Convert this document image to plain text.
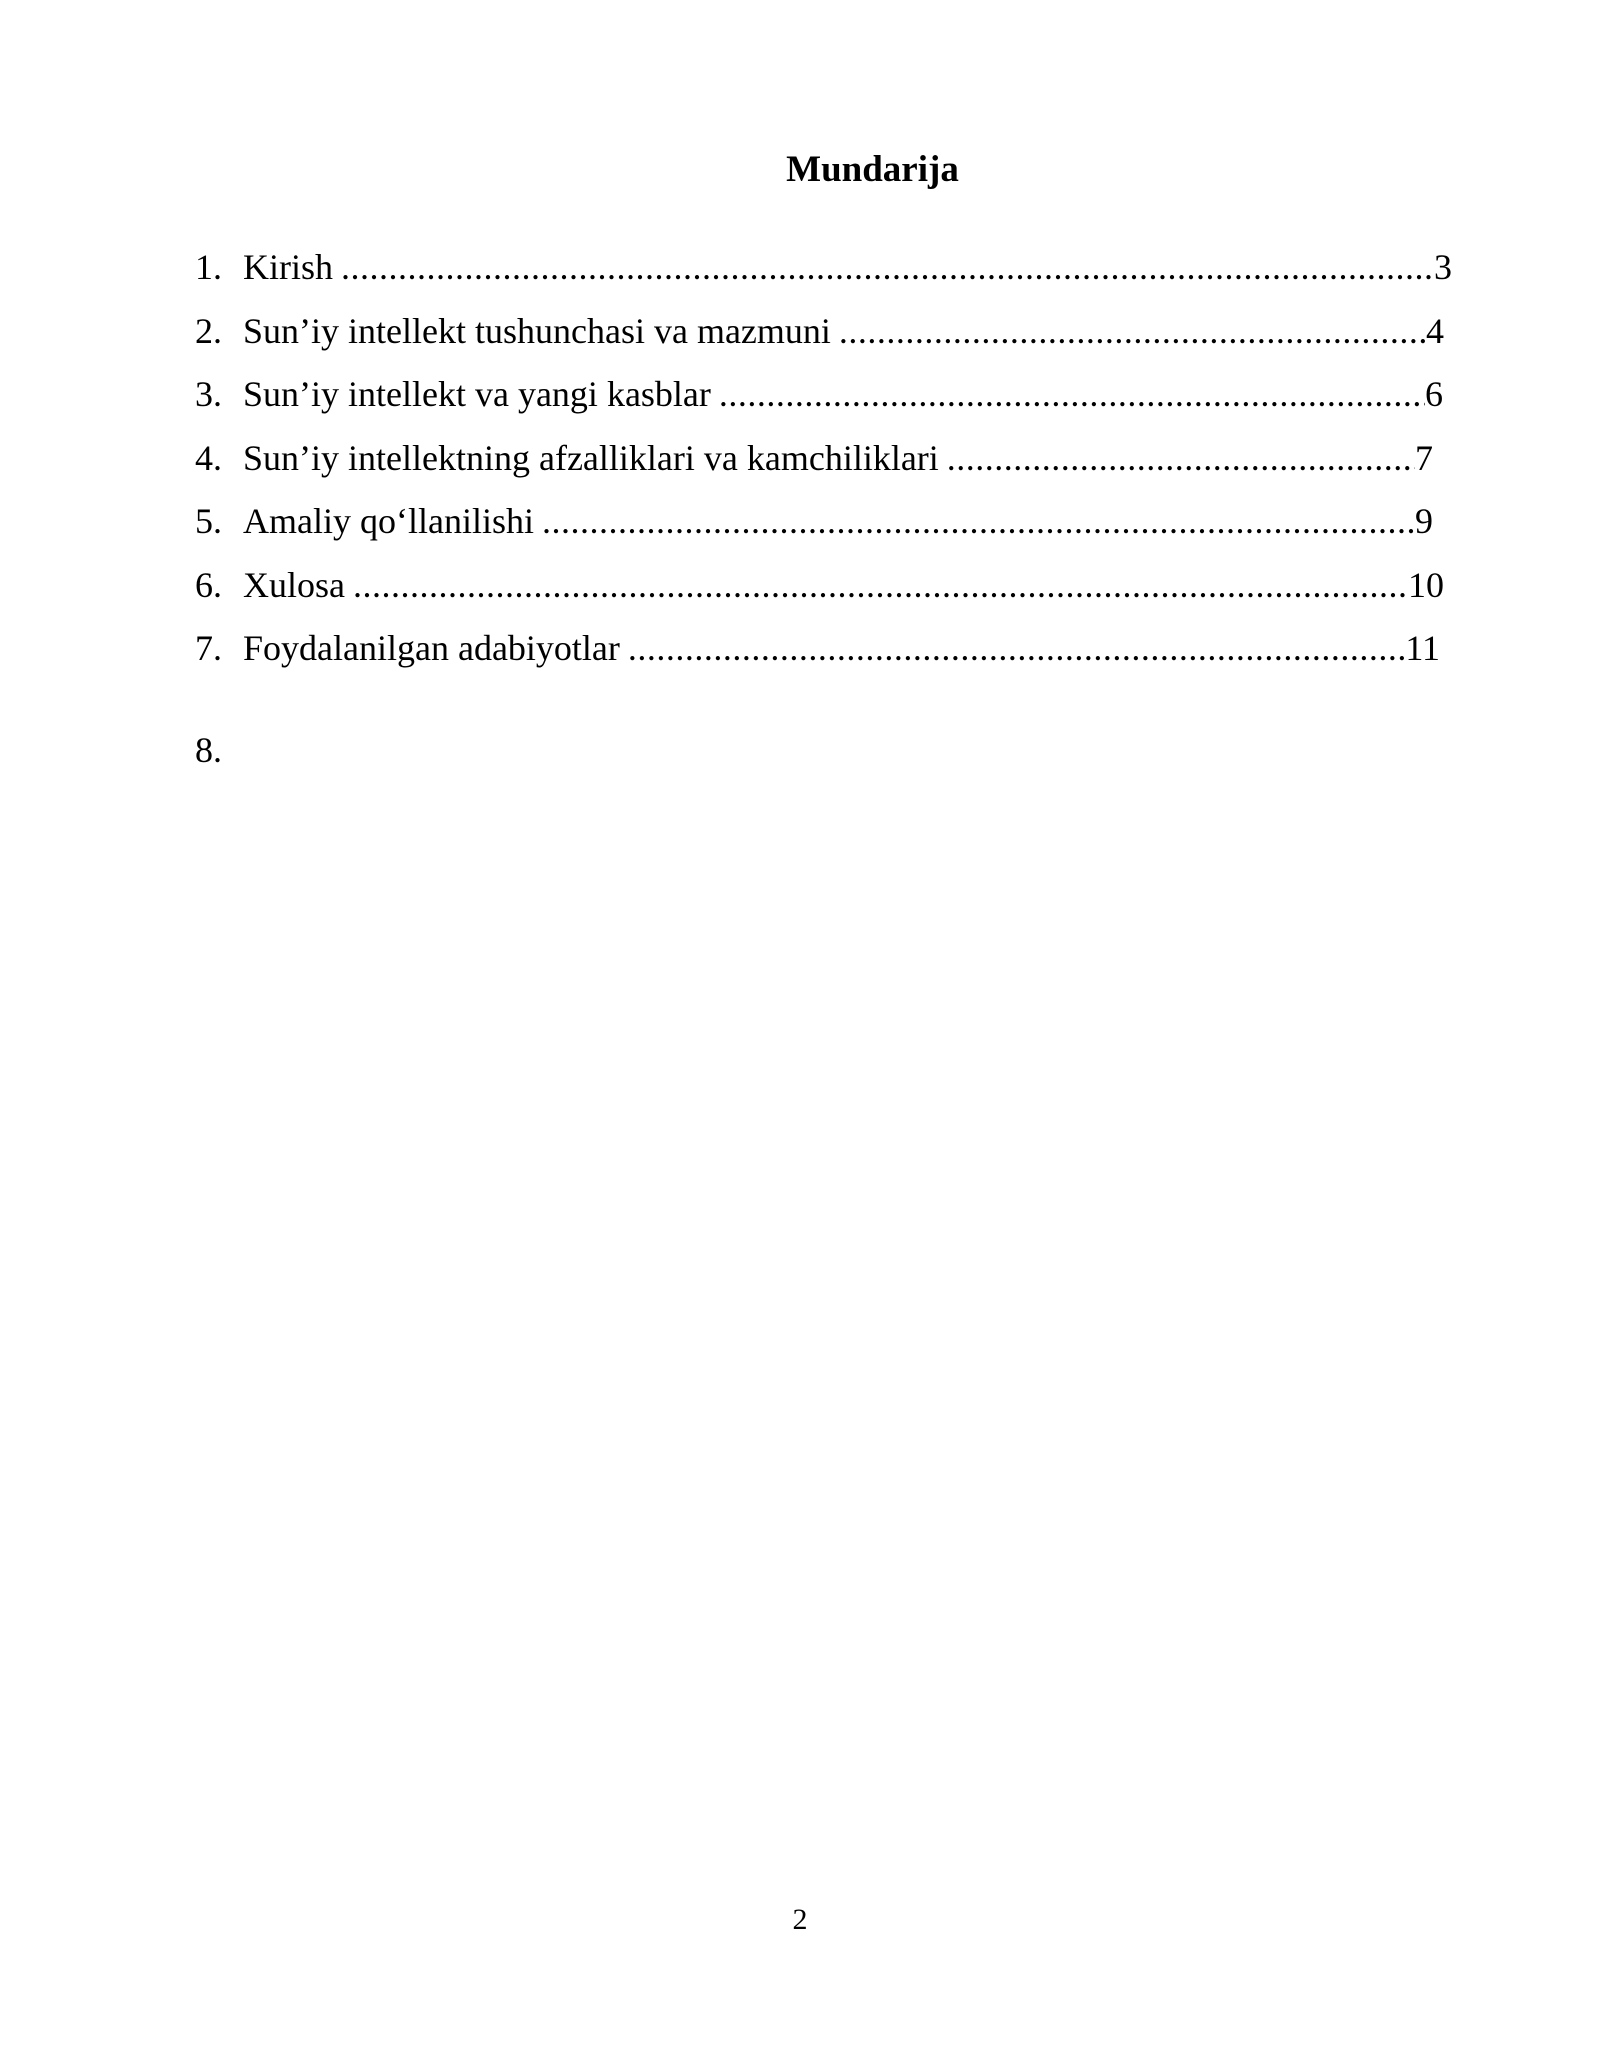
Mundarija
1. Kirish .....	3
2. Sun’iy intellekt tushunchasi va mazmuni .....	4
3. Sun’iy intellekt va yangi kasblar .....	6
4. Sun’iy intellektning afzalliklari va kamchiliklari .....	7
5. Amaliy qo‘llanilishi .....	9
6. Xulosa .....	10
7. Foydalanilgan adabiyotlar .....	11
8.
2
